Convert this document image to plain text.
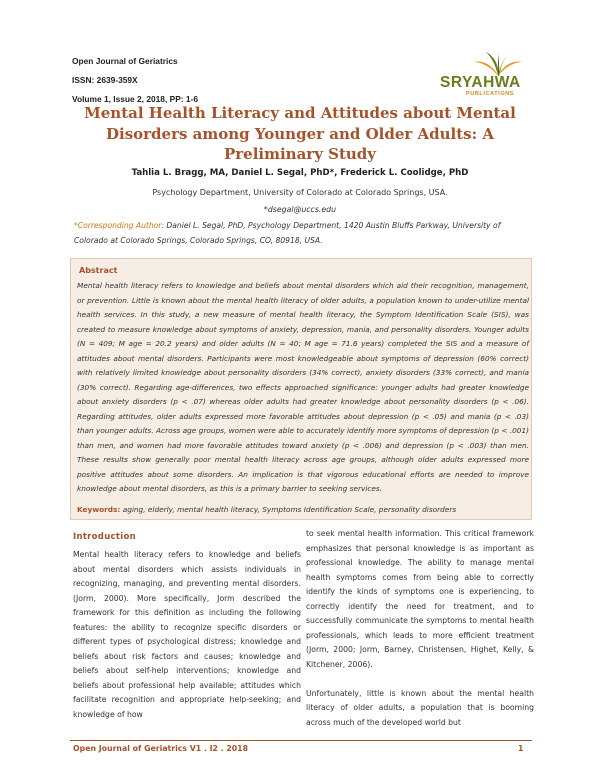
Open Journal of Geriatrics
ISSN: 2639-359X
Volume 1, Issue 2, 2018, PP: 1-6
SRYAHWA
PUBLICATIONS
Mental Health Literacy and Attitudes about Mental Disorders among Younger and Older Adults: A Preliminary Study
Tahlia L. Bragg, MA, Daniel L. Segal, PhD*, Frederick L. Coolidge, PhD
Psychology Department, University of Colorado at Colorado Springs, USA.
*dsegal@uccs.edu
*Corresponding Author: Daniel L. Segal, PhD, Psychology Department, 1420 Austin Bluffs Parkway, University of Colorado at Colorado Springs, Colorado Springs, CO, 80918, USA.
Abstract
Mental health literacy refers to knowledge and beliefs about mental disorders which aid their recognition, management, or prevention. Little is known about the mental health literacy of older adults, a population known to under-utilize mental health services. In this study, a new measure of mental health literacy, the Symptom Identification Scale (SIS), was created to measure knowledge about symptoms of anxiety, depression, mania, and personality disorders. Younger adults (N = 409; M age = 20.2 years) and older adults (N = 40; M age = 71.6 years) completed the SIS and a measure of attitudes about mental disorders. Participants were most knowledgeable about symptoms of depression (60% correct) with relatively limited knowledge about personality disorders (34% correct), anxiety disorders (33% correct), and mania (30% correct). Regarding age-differences, two effects approached significance: younger adults had greater knowledge about anxiety disorders (p < .07) whereas older adults had greater knowledge about personality disorders (p < .06). Regarding attitudes, older adults expressed more favorable attitudes about depression (p < .05) and mania (p < .03) than younger adults. Across age groups, women were able to accurately identify more symptoms of depression (p < .001) than men, and women had more favorable attitudes toward anxiety (p < .006) and depression (p < .003) than men. These results show generally poor mental health literacy across age groups, although older adults expressed more positive attitudes about some disorders. An implication is that vigorous educational efforts are needed to improve knowledge about mental disorders, as this is a primary barrier to seeking services.
Keywords: aging, elderly, mental health literacy, Symptoms Identification Scale, personality disorders
Introduction

Mental health literacy refers to knowledge and beliefs about mental disorders which assists individuals in recognizing, managing, and preventing mental disorders. (Jorm, 2000). More specifically, Jorm described the framework for this definition as including the following features: the ability to recognize specific disorders or different types of psychological distress; knowledge and beliefs about risk factors and causes; knowledge and beliefs about self-help interventions; knowledge and beliefs about professional help available; attitudes which facilitate recognition and appropriate help-seeking; and knowledge of how

to seek mental health information. This critical framework emphasizes that personal knowledge is as important as professional knowledge. The ability to manage mental health symptoms comes from being able to correctly identify the kinds of symptoms one is experiencing, to correctly identify the need for treatment, and to successfully communicate the symptoms to mental health professionals, which leads to more efficient treatment (Jorm, 2000; Jorm, Barney, Christensen, Highet, Kelly, & Kitchener, 2006).

Unfortunately, little is known about the mental health literacy of older adults, a population that is booming across much of the developed world but

Open Journal of Geriatrics V1 . I2 . 2018	1
